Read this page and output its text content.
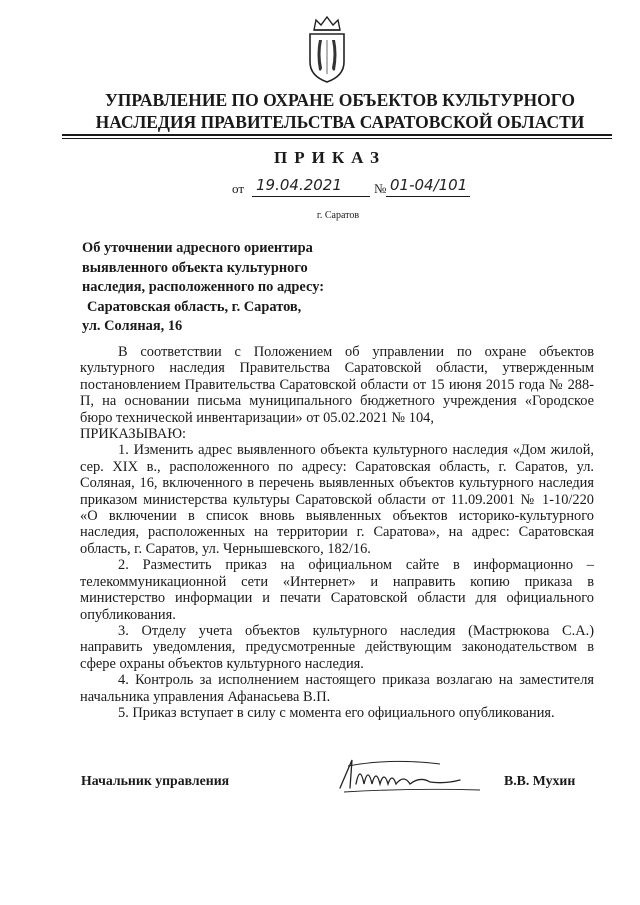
УПРАВЛЕНИЕ ПО ОХРАНЕ ОБЪЕКТОВ КУЛЬТУРНОГО
НАСЛЕДИЯ ПРАВИТЕЛЬСТВА САРАТОВСКОЙ ОБЛАСТИ
ПРИКАЗ
от 19.04.2021 № 01-04/101
г. Саратов
Об уточнении адресного ориентира
выявленного объекта культурного
наследия, расположенного по адресу:
Саратовская область, г. Саратов,
ул. Соляная, 16

В соответствии с Положением об управлении по охране объектов культурного наследия Правительства Саратовской области, утвержденным постановлением Правительства Саратовской области от 15 июня 2015 года № 288-П, на основании письма муниципального бюджетного учреждения «Городское бюро технической инвентаризации» от 05.02.2021 № 104,

ПРИКАЗЫВАЮ:

1. Изменить адрес выявленного объекта культурного наследия «Дом жилой, сер. XIX в., расположенного по адресу: Саратовская область, г. Саратов, ул. Соляная, 16, включенного в перечень выявленных объектов культурного наследия приказом министерства культуры Саратовской области от 11.09.2001 № 1-10/220 «О включении в список вновь выявленных объектов историко-культурного наследия, расположенных на территории г. Саратова», на адрес: Саратовская область, г. Саратов, ул. Чернышевского, 182/16.

2. Разместить приказ на официальном сайте в информационно – телекоммуникационной сети «Интернет» и направить копию приказа в министерство информации и печати Саратовской области для официального опубликования.

3. Отделу учета объектов культурного наследия (Мастрюкова С.А.) направить уведомления, предусмотренные действующим законодательством в сфере охраны объектов культурного наследия.

4. Контроль за исполнением настоящего приказа возлагаю на заместителя начальника управления Афанасьева В.П.

5. Приказ вступает в силу с момента его официального опубликования.

Начальник управления	В.В. Мухин
